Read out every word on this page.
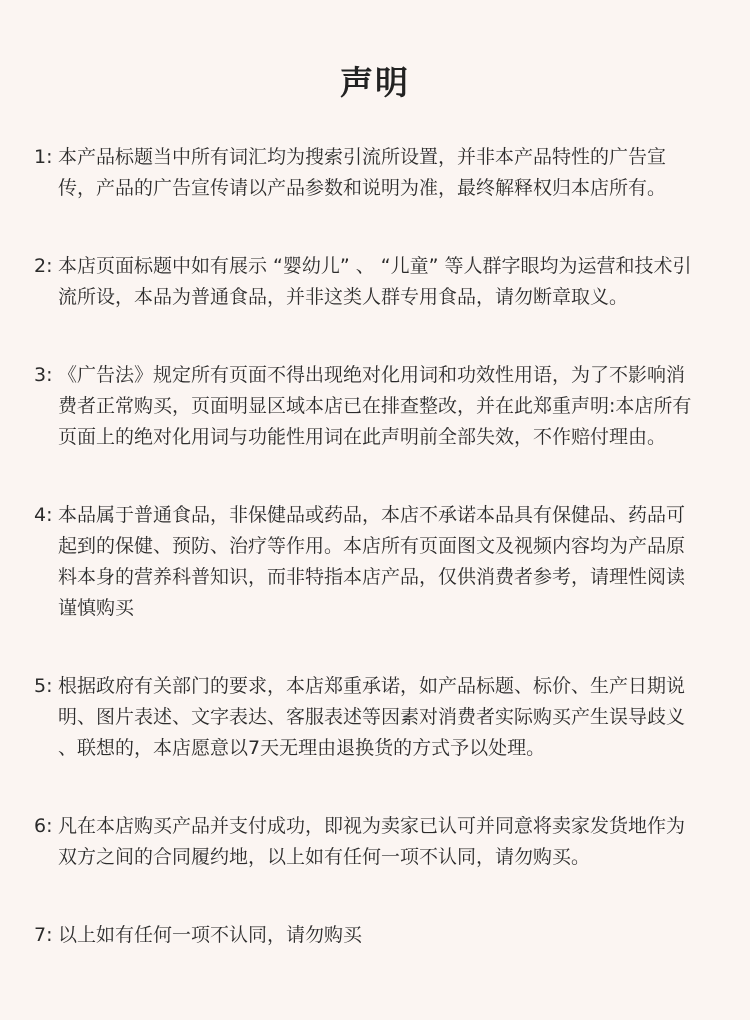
声明
1: 本产品标题当中所有词汇均为搜索引流所设置，并非本产品特性的广告宣
传，产品的广告宣传请以产品参数和说明为准，最终解释权归本店所有。
2: 本店页面标题中如有展示 “婴幼儿” 、 “儿童” 等人群字眼均为运营和技术引
流所设，本品为普通食品，并非这类人群专用食品，请勿断章取义。
3: 《广告法》规定所有页面不得出现绝对化用词和功效性用语，为了不影响消
费者正常购买，页面明显区域本店已在排查整改，并在此郑重声明:本店所有
页面上的绝对化用词与功能性用词在此声明前全部失效，不作赔付理由。
4: 本品属于普通食品，非保健品或药品，本店不承诺本品具有保健品、药品可
起到的保健、预防、治疗等作用。本店所有页面图文及视频内容均为产品原
料本身的营养科普知识，而非特指本店产品，仅供消费者参考，请理性阅读
谨慎购买
5: 根据政府有关部门的要求，本店郑重承诺，如产品标题、标价、生产日期说
明、图片表述、文字表达、客服表述等因素对消费者实际购买产生误导歧义
、联想的，本店愿意以7天无理由退换货的方式予以处理。
6: 凡在本店购买产品并支付成功，即视为卖家已认可并同意将卖家发货地作为
双方之间的合同履约地，以上如有任何一项不认同，请勿购买。
7: 以上如有任何一项不认同，请勿购买
